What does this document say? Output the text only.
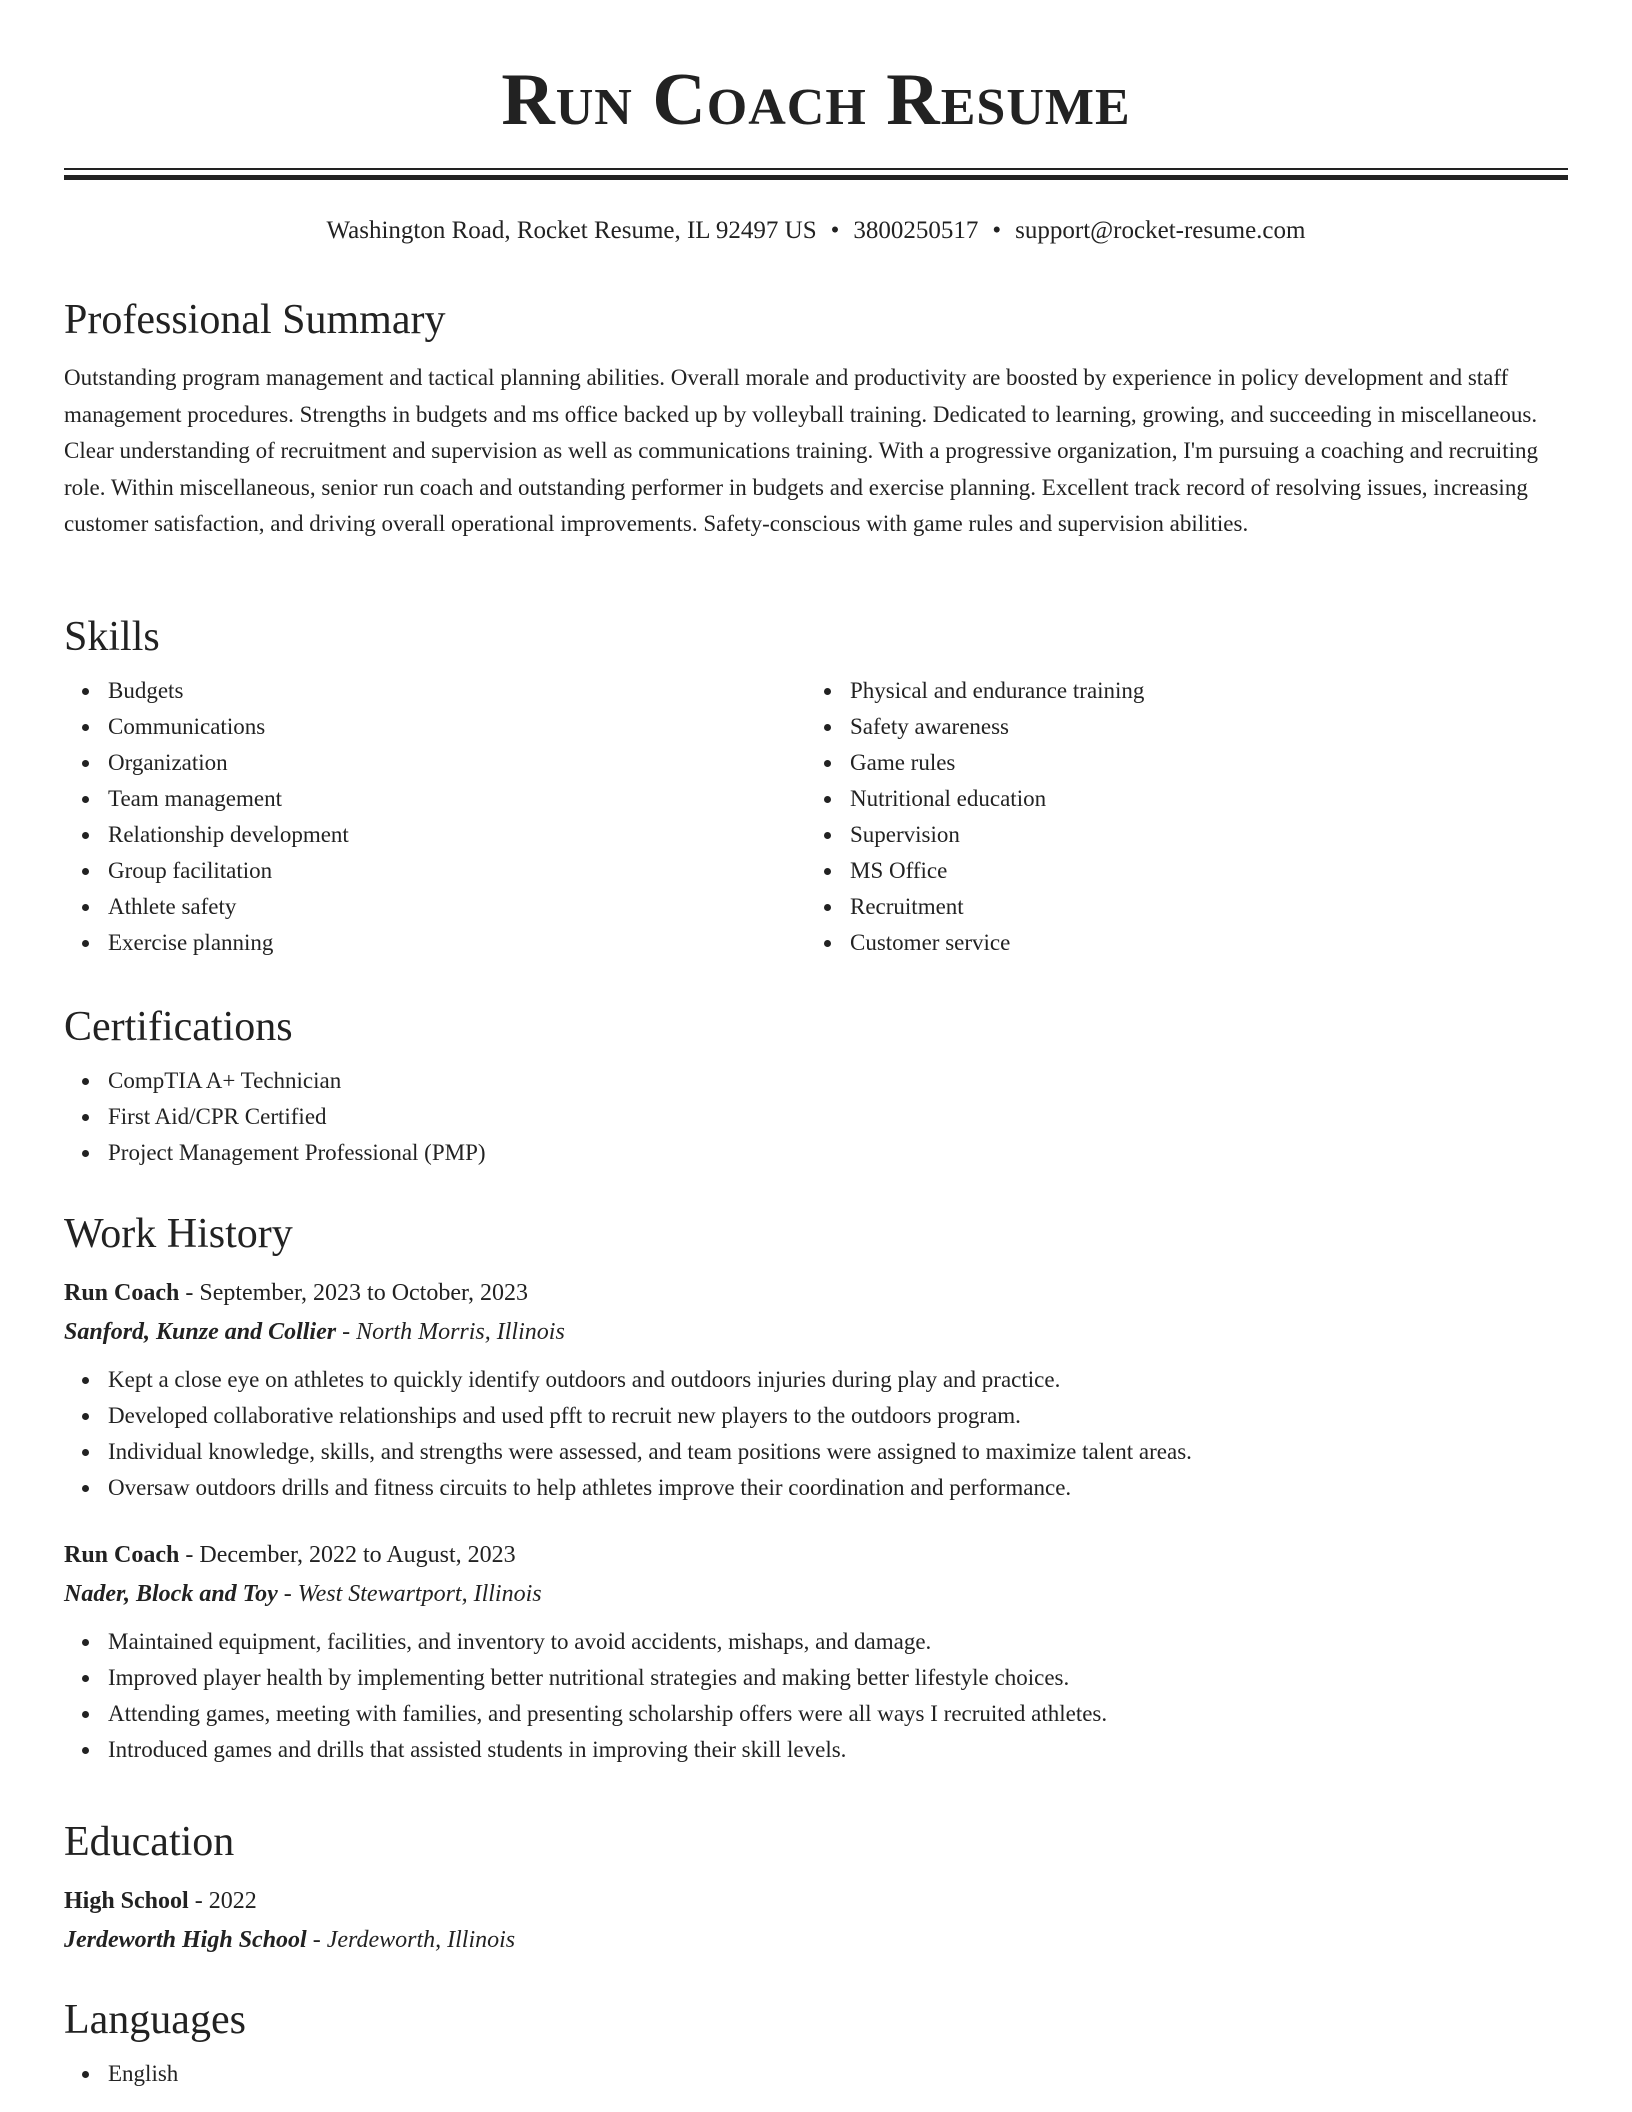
Run Coach Resume
Washington Road, Rocket Resume, IL 92497 US • 3800250517 • support@rocket-resume.com
Professional Summary

Outstanding program management and tactical planning abilities. Overall morale and productivity are boosted by experience in policy development and staff management procedures. Strengths in budgets and ms office backed up by volleyball training. Dedicated to learning, growing, and succeeding in miscellaneous. Clear understanding of recruitment and supervision as well as communications training. With a progressive organization, I'm pursuing a coaching and recruiting role. Within miscellaneous, senior run coach and outstanding performer in budgets and exercise planning. Excellent track record of resolving issues, increasing customer satisfaction, and driving overall operational improvements. Safety-conscious with game rules and supervision abilities.

Skills
Budgets
Communications
Organization
Team management
Relationship development
Group facilitation
Athlete safety
Exercise planning
Physical and endurance training
Safety awareness
Game rules
Nutritional education
Supervision
MS Office
Recruitment
Customer service
Certifications
CompTIA A+ Technician
First Aid/CPR Certified
Project Management Professional (PMP)
Work History
Run Coach - September, 2023 to October, 2023
Sanford, Kunze and Collier - North Morris, Illinois
Kept a close eye on athletes to quickly identify outdoors and outdoors injuries during play and practice.
Developed collaborative relationships and used pfft to recruit new players to the outdoors program.
Individual knowledge, skills, and strengths were assessed, and team positions were assigned to maximize talent areas.
Oversaw outdoors drills and fitness circuits to help athletes improve their coordination and performance.
Run Coach - December, 2022 to August, 2023
Nader, Block and Toy - West Stewartport, Illinois
Maintained equipment, facilities, and inventory to avoid accidents, mishaps, and damage.
Improved player health by implementing better nutritional strategies and making better lifestyle choices.
Attending games, meeting with families, and presenting scholarship offers were all ways I recruited athletes.
Introduced games and drills that assisted students in improving their skill levels.
Education
High School - 2022
Jerdeworth High School - Jerdeworth, Illinois
Languages
English
